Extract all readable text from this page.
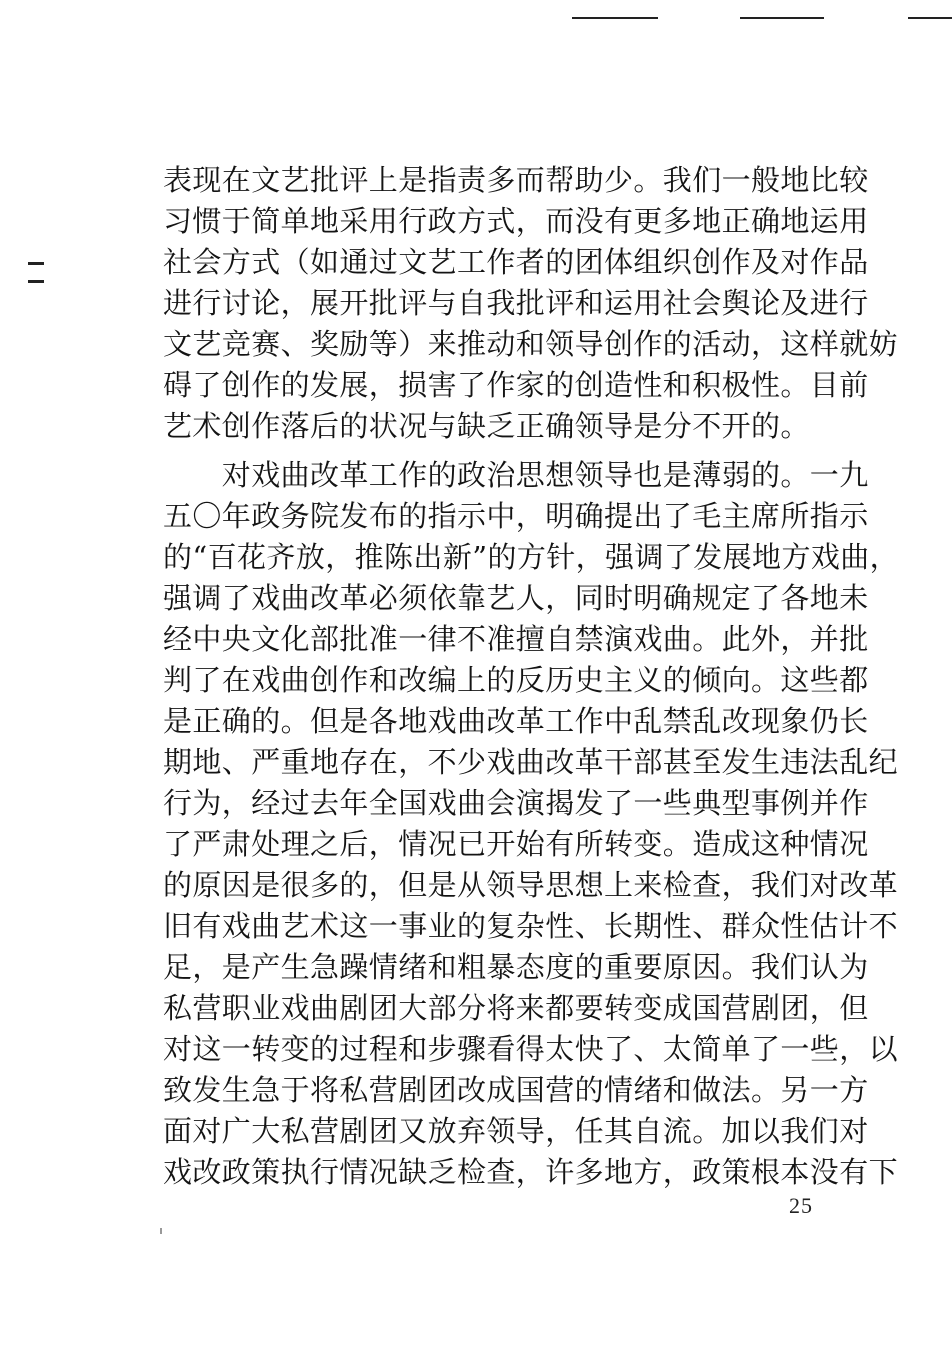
表现在文艺批评上是指责多而帮助少。我们一般地比较
习惯于简单地采用行政方式，而没有更多地正确地运用
社会方式（如通过文艺工作者的团体组织创作及对作品
进行讨论，展开批评与自我批评和运用社会舆论及进行
文艺竞赛、奖励等）来推动和领导创作的活动，这样就妨
碍了创作的发展，损害了作家的创造性和积极性。目前
艺术创作落后的状况与缺乏正确领导是分不开的。
　　对戏曲改革工作的政治思想领导也是薄弱的。一九
五〇年政务院发布的指示中，明确提出了毛主席所指示
的“百花齐放，推陈出新”的方针，强调了发展地方戏曲，
强调了戏曲改革必须依靠艺人，同时明确规定了各地未
经中央文化部批准一律不准擅自禁演戏曲。此外，并批
判了在戏曲创作和改编上的反历史主义的倾向。这些都
是正确的。但是各地戏曲改革工作中乱禁乱改现象仍长
期地、严重地存在，不少戏曲改革干部甚至发生违法乱纪
行为，经过去年全国戏曲会演揭发了一些典型事例并作
了严肃处理之后，情况已开始有所转变。造成这种情况
的原因是很多的，但是从领导思想上来检查，我们对改革
旧有戏曲艺术这一事业的复杂性、长期性、群众性估计不
足，是产生急躁情绪和粗暴态度的重要原因。我们认为
私营职业戏曲剧团大部分将来都要转变成国营剧团，但
对这一转变的过程和步骤看得太快了、太简单了一些，以
致发生急于将私营剧团改成国营的情绪和做法。另一方
面对广大私营剧团又放弃领导，任其自流。加以我们对
戏改政策执行情况缺乏检查，许多地方，政策根本没有下
25
